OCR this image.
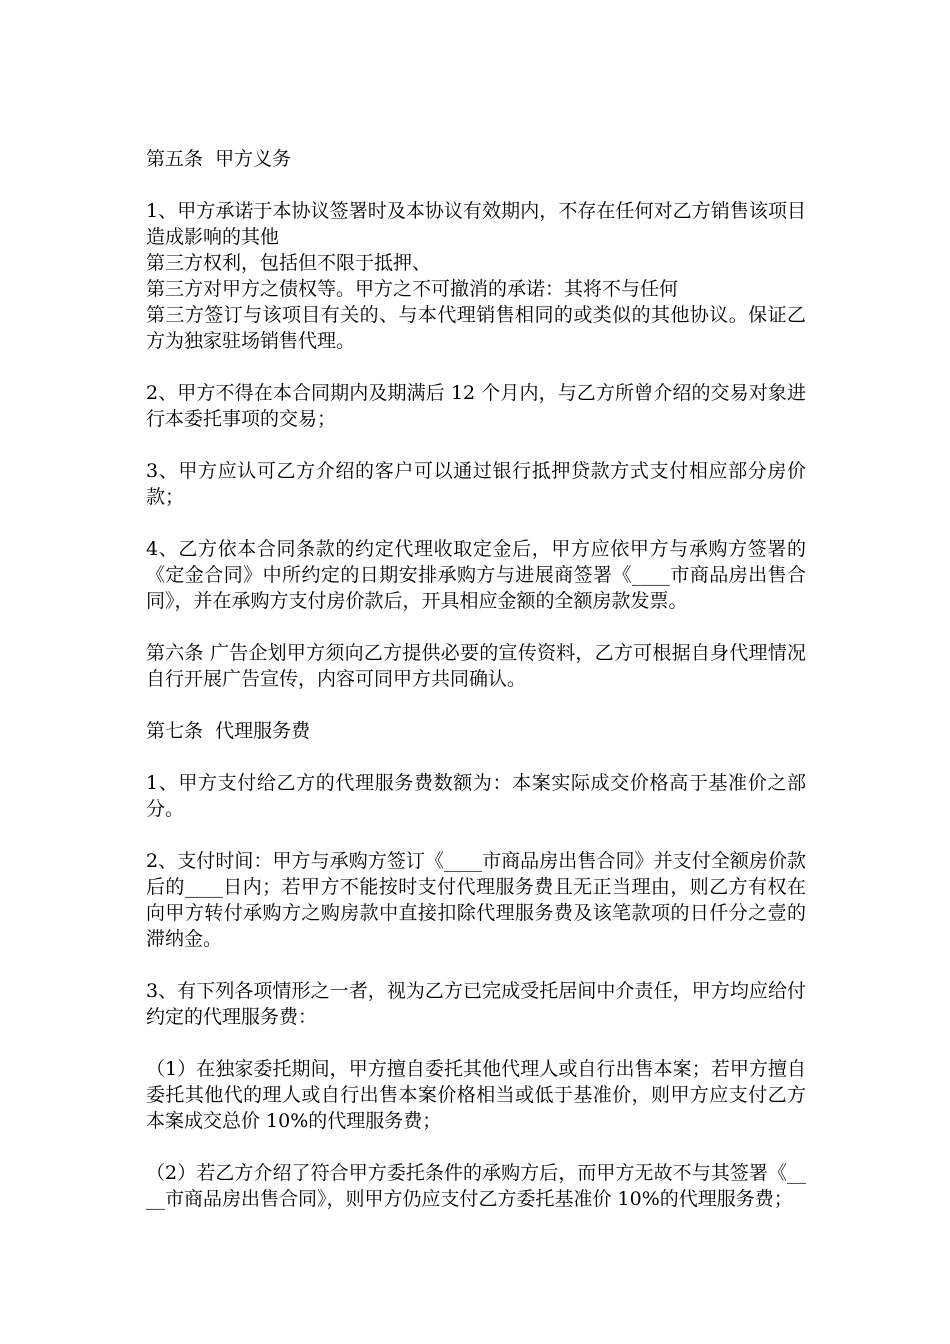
第五条  甲方义务

1、甲方承诺于本协议签署时及本协议有效期内，不存在任何对乙方销售该项目造成影响的其他

第三方权利，包括但不限于抵押、

第三方对甲方之债权等。甲方之不可撤消的承诺：其将不与任何

第三方签订与该项目有关的、与本代理销售相同的或类似的其他协议。保证乙方为独家驻场销售代理。

2、甲方不得在本合同期内及期满后 12 个月内，与乙方所曾介绍的交易对象进行本委托事项的交易；

3、甲方应认可乙方介绍的客户可以通过银行抵押贷款方式支付相应部分房价款；

4、乙方依本合同条款的约定代理收取定金后，甲方应依甲方与承购方签署的《定金合同》中所约定的日期安排承购方与进展商签署《____市商品房出售合同》，并在承购方支付房价款后，开具相应金额的全额房款发票。

第六条 广告企划甲方须向乙方提供必要的宣传资料，乙方可根据自身代理情况自行开展广告宣传，内容可同甲方共同确认。

第七条  代理服务费

1、甲方支付给乙方的代理服务费数额为：本案实际成交价格高于基准价之部分。

2、支付时间：甲方与承购方签订《____市商品房出售合同》并支付全额房价款后的____日内；若甲方不能按时支付代理服务费且无正当理由，则乙方有权在向甲方转付承购方之购房款中直接扣除代理服务费及该笔款项的日仟分之壹的滞纳金。

3、有下列各项情形之一者，视为乙方已完成受托居间中介责任，甲方均应给付约定的代理服务费：

（1）在独家委托期间，甲方擅自委托其他代理人或自行出售本案；若甲方擅自委托其他代的理人或自行出售本案价格相当或低于基准价，则甲方应支付乙方本案成交总价 10%的代理服务费；

（2）若乙方介绍了符合甲方委托条件的承购方后，而甲方无故不与其签署《____市商品房出售合同》，则甲方仍应支付乙方委托基准价 10%的代理服务费；
